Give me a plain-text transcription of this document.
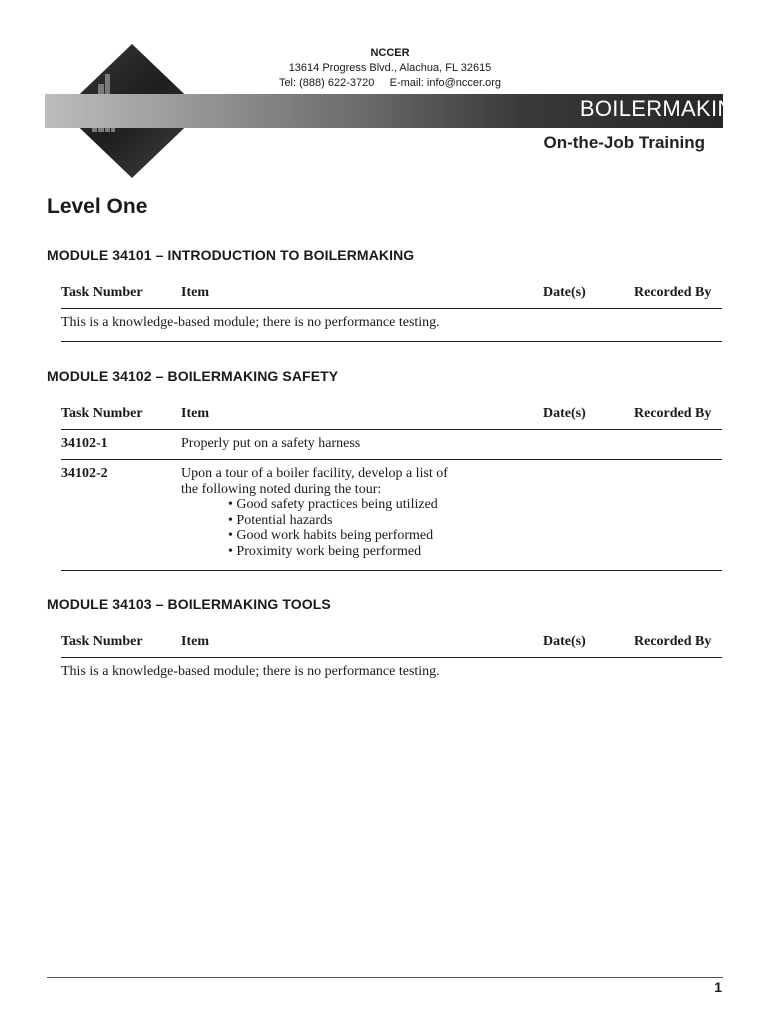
NCCER
13614 Progress Blvd., Alachua, FL 32615
Tel: (888) 622-3720     E-mail: info@nccer.org
BOILERMAKING
On-the-Job Training
Level One
MODULE 34101 – INTRODUCTION TO BOILERMAKING
Task Number	Item	Date(s)	Recorded By
This is a knowledge-based module; there is no performance testing.
MODULE 34102 – BOILERMAKING SAFETY
Task Number	Item	Date(s)	Recorded By
34102-1	Properly put on a safety harness
34102-2	Upon a tour of a boiler facility, develop a list of
the following noted during the tour:
• Good safety practices being utilized
• Potential hazards
• Good work habits being performed
• Proximity work being performed
MODULE 34103 – BOILERMAKING TOOLS
Task Number	Item	Date(s)	Recorded By
This is a knowledge-based module; there is no performance testing.
1
